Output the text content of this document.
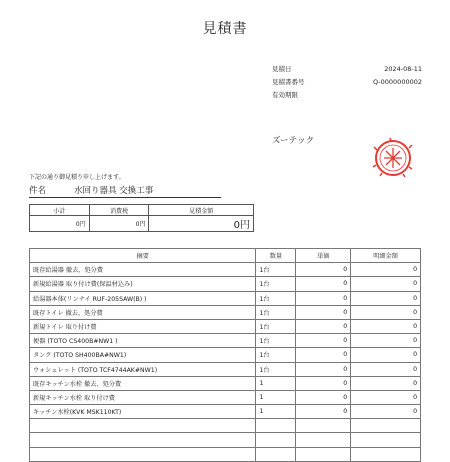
見積書
見積日	2024-08-11
見積書番号	Q-0000000002
有効期限
ズーテック
下記の通り御見積り申し上げます。
件名	水回り器具 交換工事
小計	消費税	見積金額
0円	0円	0円
摘要	数量	単価	明細金額
既存給湯器 撤去、処分費	1台	0	0
新規給湯器 取り付け費(保温材込み)	1台	0	0
給湯器本体(リンナイ RUF-205SAW(B) )	1台	0	0
既存トイレ 撤去、処分費	1台	0	0
新規トイレ 取り付け費	1台	0	0
便器 (TOTO CS400B#NW1 )	1台	0	0
タンク (TOTO SH400BA#NW1)	1台	0	0
ウォシュレット (TOTO TCF4744AK#NW1)	1台	0	0
既存キッチン水栓 撤去、処分費	1	0	0
新規キッチン水栓 取り付け費	1	0	0
キッチン水栓(KVK MSK110KT)	1	0	0
